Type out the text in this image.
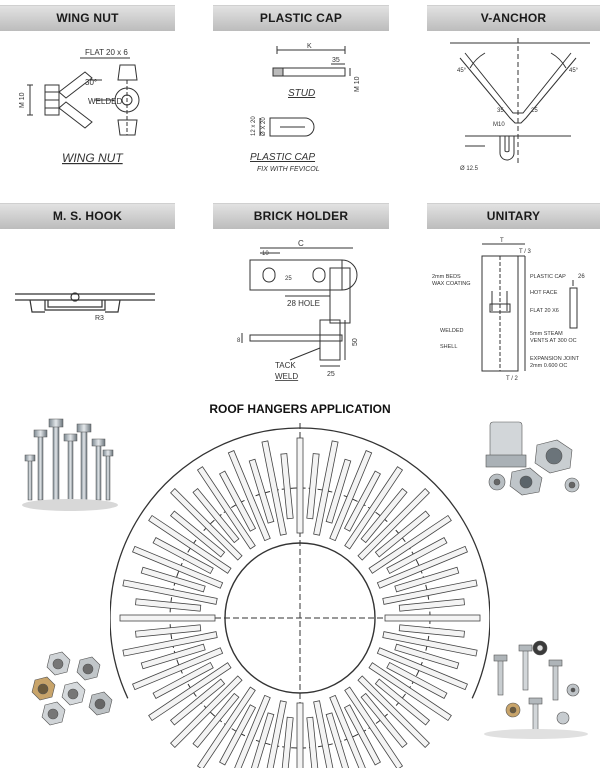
WING NUT	PLASTIC CAP	V-ANCHOR
M. S. HOOK	BRICK HOLDER	UNITARY
FLAT 20 x 6
30°
M 10	WELDED
WING NUT
K
35
M 10
STUD
12 x 20 Ø X 20
PLASTIC CAP
FIX WITH FEVICOL
45°	45°
35	25
M10
Ø 12.5
R3
C
10
25
28 HOLE
50
8
TACK
WELD	25
T
T / 3
T / 2
26
2mm BEDS
WAX COATING
PLASTIC CAP
HOT FACE
FLAT 20 X6
WELDED	5mm STEAM
VENTS AT 300 OC
SHELL
EXPANSION JOINT
2mm 0.600 OC
ROOF HANGERS APPLICATION
